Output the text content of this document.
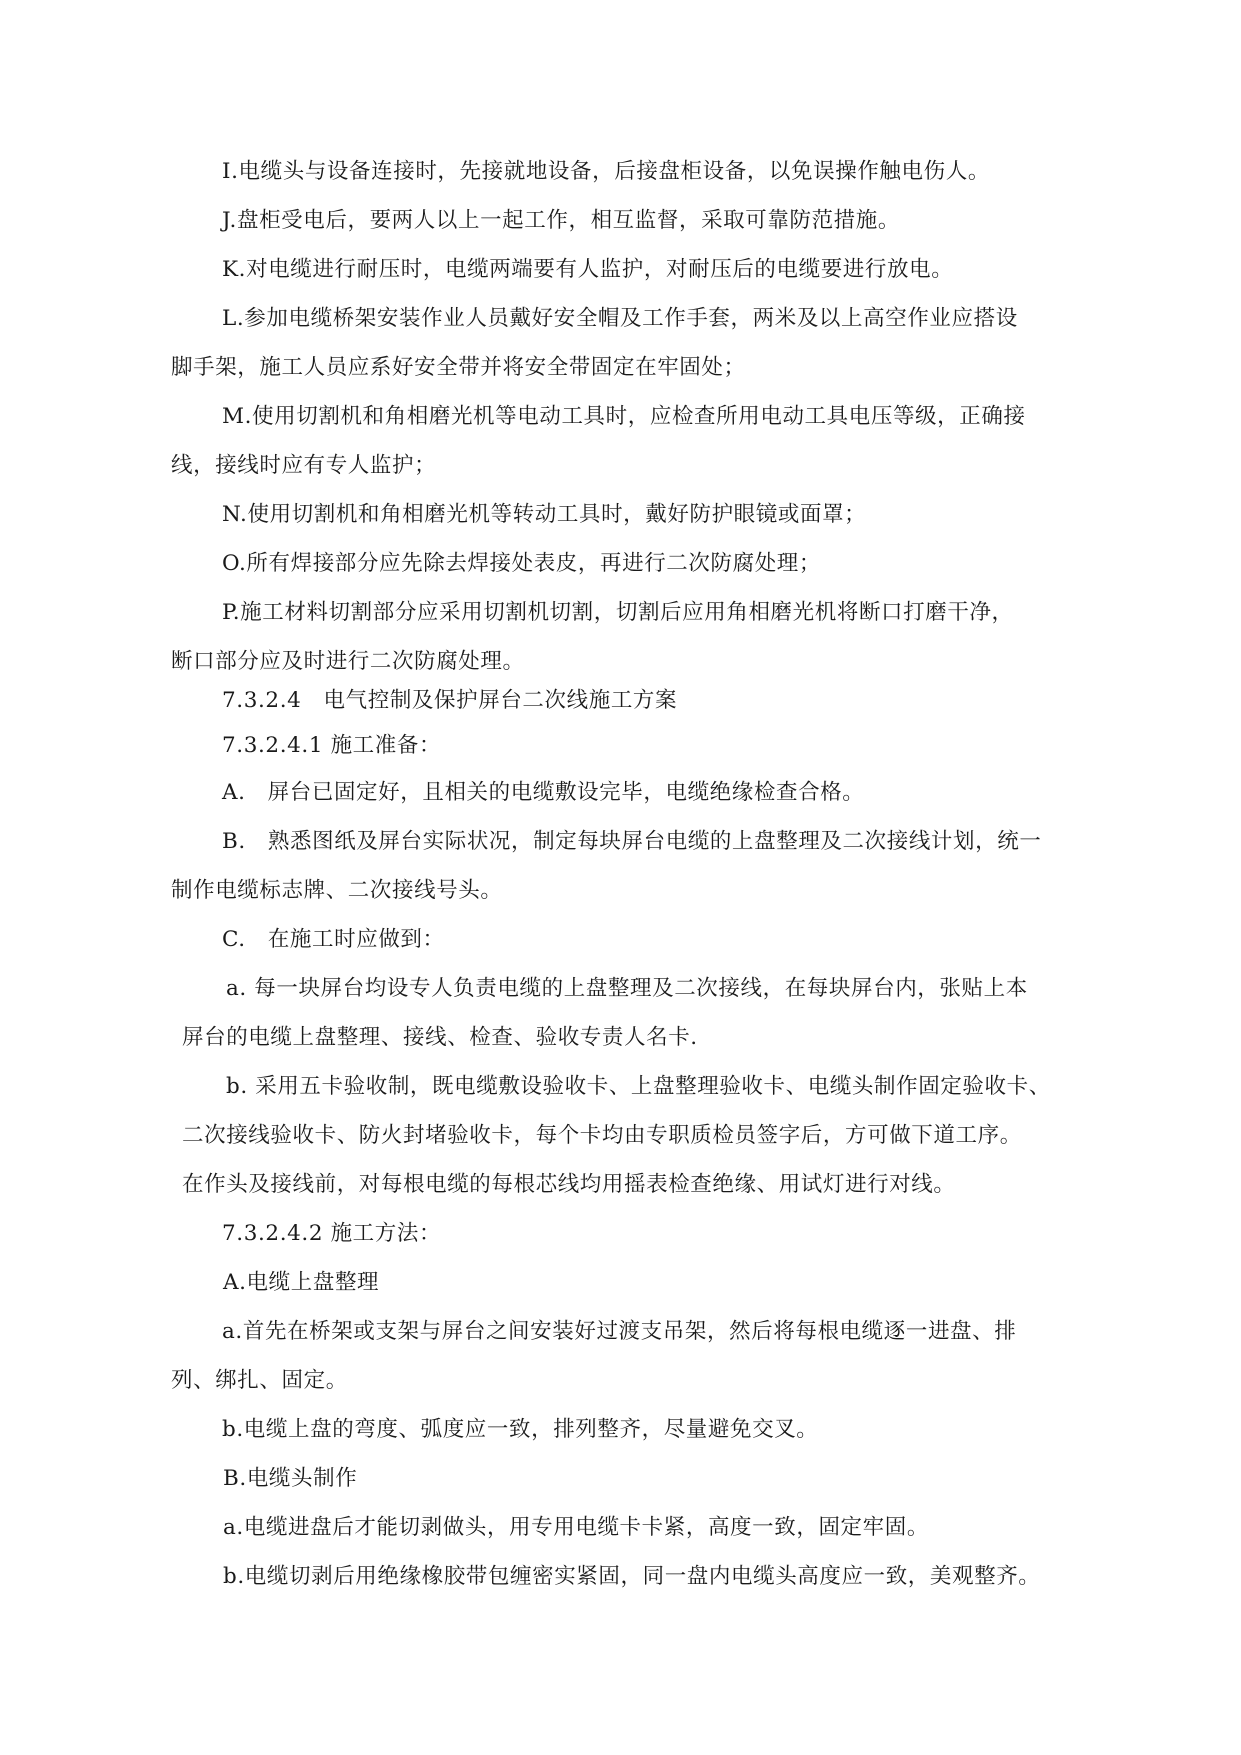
I.电缆头与设备连接时，先接就地设备，后接盘柜设备，以免误操作触电伤人。
J.盘柜受电后，要两人以上一起工作，相互监督，采取可靠防范措施。
K.对电缆进行耐压时，电缆两端要有人监护，对耐压后的电缆要进行放电。
L.参加电缆桥架安装作业人员戴好安全帽及工作手套，两米及以上高空作业应搭设
脚手架，施工人员应系好安全带并将安全带固定在牢固处；
M.使用切割机和角相磨光机等电动工具时，应检查所用电动工具电压等级，正确接
线，接线时应有专人监护；
N.使用切割机和角相磨光机等转动工具时，戴好防护眼镜或面罩；
O.所有焊接部分应先除去焊接处表皮，再进行二次防腐处理；
P.施工材料切割部分应采用切割机切割，切割后应用角相磨光机将断口打磨干净，
断口部分应及时进行二次防腐处理。
7.3.2.4　电气控制及保护屏台二次线施工方案
7.3.2.4.1 施工准备：
A.　屏台已固定好，且相关的电缆敷设完毕，电缆绝缘检查合格。
B.　熟悉图纸及屏台实际状况，制定每块屏台电缆的上盘整理及二次接线计划，统一
制作电缆标志牌、二次接线号头。
C.　在施工时应做到：
a. 每一块屏台均设专人负责电缆的上盘整理及二次接线，在每块屏台内，张贴上本
屏台的电缆上盘整理、接线、检查、验收专责人名卡.
b. 采用五卡验收制，既电缆敷设验收卡、上盘整理验收卡、电缆头制作固定验收卡、
二次接线验收卡、防火封堵验收卡，每个卡均由专职质检员签字后，方可做下道工序。
在作头及接线前，对每根电缆的每根芯线均用摇表检查绝缘、用试灯进行对线。
7.3.2.4.2 施工方法：
A.电缆上盘整理
a.首先在桥架或支架与屏台之间安装好过渡支吊架，然后将每根电缆逐一进盘、排
列、绑扎、固定。
b.电缆上盘的弯度、弧度应一致，排列整齐，尽量避免交叉。
B.电缆头制作
a.电缆进盘后才能切剥做头，用专用电缆卡卡紧，高度一致，固定牢固。
b.电缆切剥后用绝缘橡胶带包缠密实紧固，同一盘内电缆头高度应一致，美观整齐。
